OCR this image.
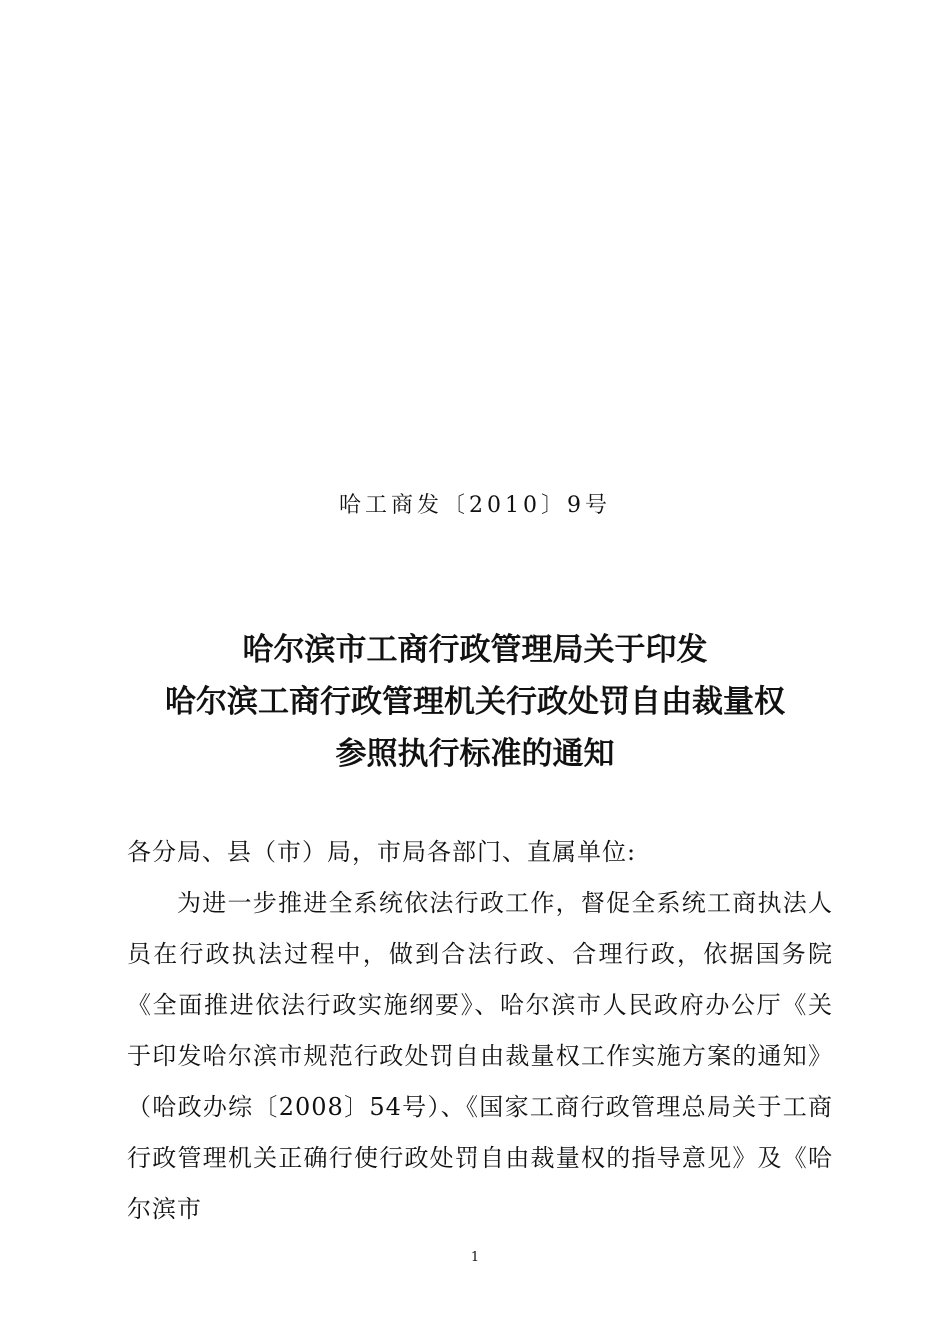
哈工商发〔2010〕9号
哈尔滨市工商行政管理局关于印发
哈尔滨工商行政管理机关行政处罚自由裁量权
参照执行标准的通知
各分局、县（市）局，市局各部门、直属单位:

为进一步推进全系统依法行政工作，督促全系统工商执法人员在行政执法过程中，做到合法行政、合理行政，依据国务院《全面推进依法行政实施纲要》、哈尔滨市人民政府办公厅《关于印发哈尔滨市规范行政处罚自由裁量权工作实施方案的通知》（哈政办综〔2008〕54号）、《国家工商行政管理总局关于工商行政管理机关正确行使行政处罚自由裁量权的指导意见》及《哈尔滨市

1
